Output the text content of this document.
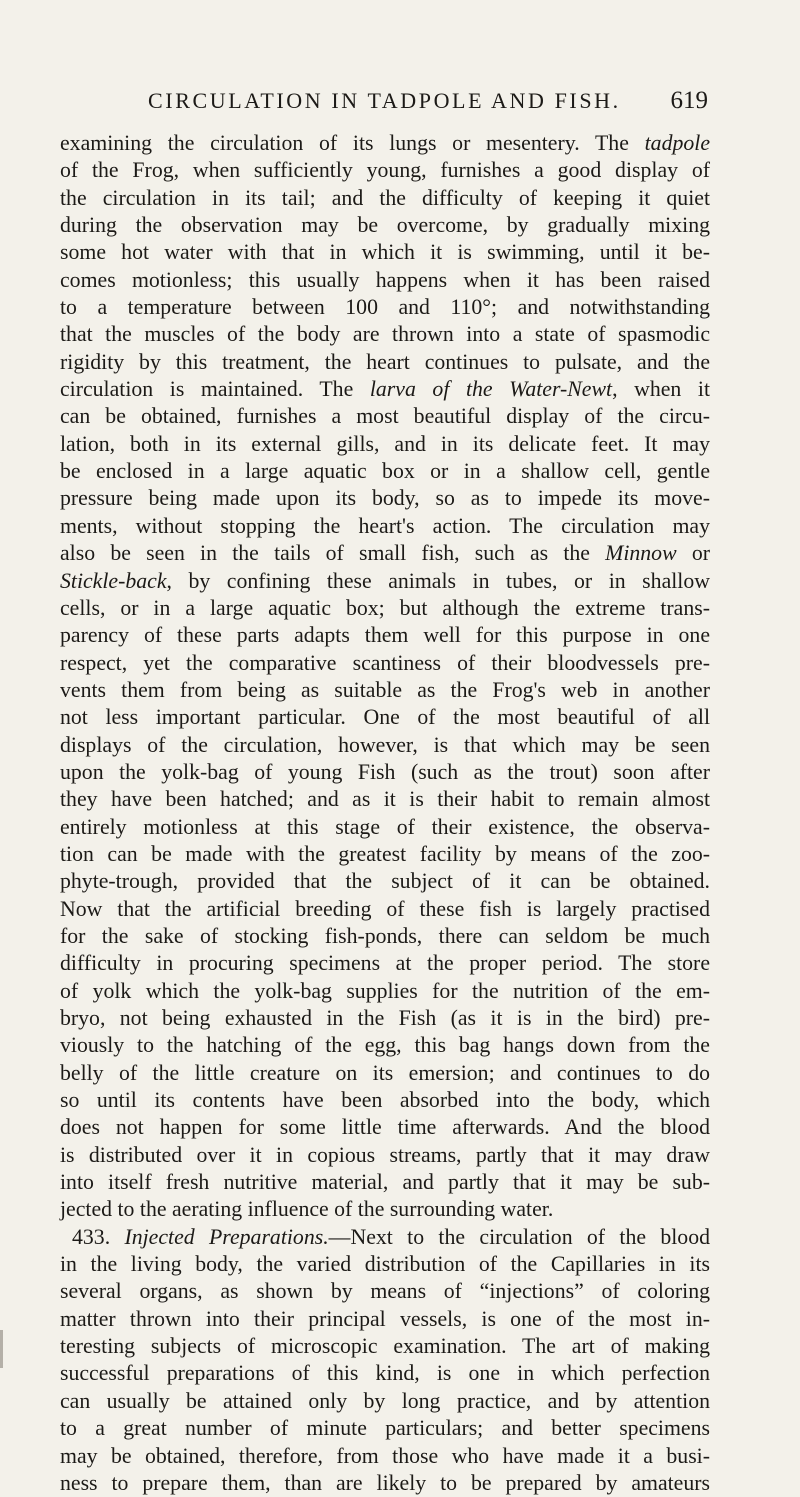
CIRCULATION IN TADPOLE AND FISH. 619
examining the circulation of its lungs or mesentery. The tadpole
of the Frog, when sufficiently young, furnishes a good display of
the circulation in its tail; and the difficulty of keeping it quiet
during the observation may be overcome, by gradually mixing
some hot water with that in which it is swimming, until it be-
comes motionless; this usually happens when it has been raised
to a temperature between 100 and 110°; and notwithstanding
that the muscles of the body are thrown into a state of spasmodic
rigidity by this treatment, the heart continues to pulsate, and the
circulation is maintained. The larva of the Water-Newt, when it
can be obtained, furnishes a most beautiful display of the circu-
lation, both in its external gills, and in its delicate feet. It may
be enclosed in a large aquatic box or in a shallow cell, gentle
pressure being made upon its body, so as to impede its move-
ments, without stopping the heart's action. The circulation may
also be seen in the tails of small fish, such as the Minnow or
Stickle-back, by confining these animals in tubes, or in shallow
cells, or in a large aquatic box; but although the extreme trans-
parency of these parts adapts them well for this purpose in one
respect, yet the comparative scantiness of their bloodvessels pre-
vents them from being as suitable as the Frog's web in another
not less important particular. One of the most beautiful of all
displays of the circulation, however, is that which may be seen
upon the yolk-bag of young Fish (such as the trout) soon after
they have been hatched; and as it is their habit to remain almost
entirely motionless at this stage of their existence, the observa-
tion can be made with the greatest facility by means of the zoo-
phyte-trough, provided that the subject of it can be obtained.
Now that the artificial breeding of these fish is largely practised
for the sake of stocking fish-ponds, there can seldom be much
difficulty in procuring specimens at the proper period. The store
of yolk which the yolk-bag supplies for the nutrition of the em-
bryo, not being exhausted in the Fish (as it is in the bird) pre-
viously to the hatching of the egg, this bag hangs down from the
belly of the little creature on its emersion; and continues to do
so until its contents have been absorbed into the body, which
does not happen for some little time afterwards. And the blood
is distributed over it in copious streams, partly that it may draw
into itself fresh nutritive material, and partly that it may be sub-
jected to the aerating influence of the surrounding water.
433. Injected Preparations.—Next to the circulation of the blood
in the living body, the varied distribution of the Capillaries in its
several organs, as shown by means of “injections” of coloring
matter thrown into their principal vessels, is one of the most in-
teresting subjects of microscopic examination. The art of making
successful preparations of this kind, is one in which perfection
can usually be attained only by long practice, and by attention
to a great number of minute particulars; and better specimens
may be obtained, therefore, from those who have made it a busi-
ness to prepare them, than are likely to be prepared by amateurs
